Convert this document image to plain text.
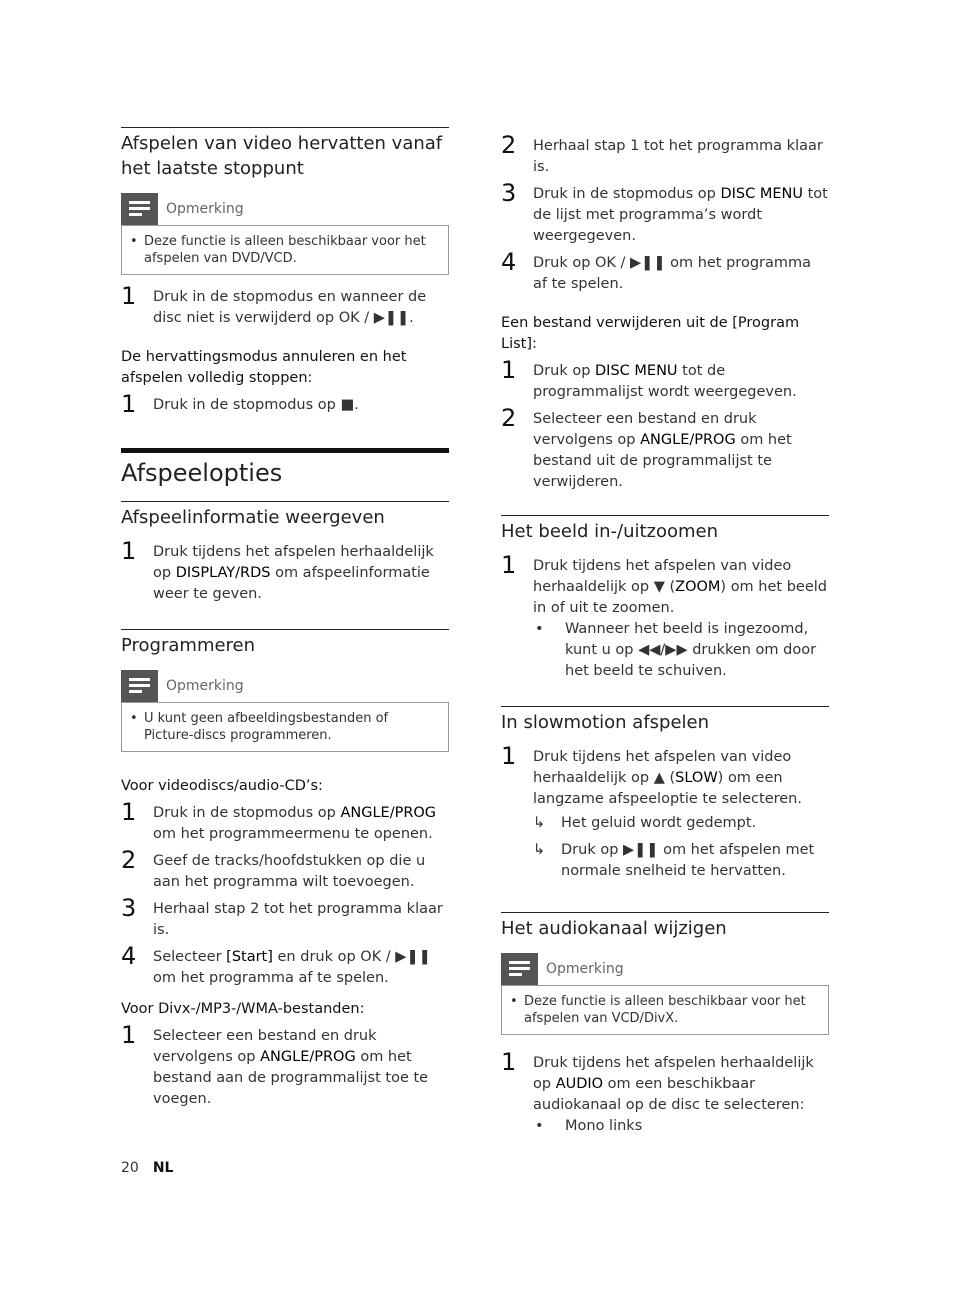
Afspelen van video hervatten vanaf het laatste stoppunt
Opmerking
• Deze functie is alleen beschikbaar voor het afspelen van DVD/VCD.
1 Druk in de stopmodus en wanneer de disc niet is verwijderd op OK / ▶❚❚.
De hervattingsmodus annuleren en het afspelen volledig stoppen:
1 Druk in de stopmodus op ■.
Afspeelopties
Afspeelinformatie weergeven
1 Druk tijdens het afspelen herhaaldelijk op DISPLAY/RDS om afspeelinformatie weer te geven.
Programmeren
Opmerking
• U kunt geen afbeeldingsbestanden of Picture-discs programmeren.
Voor videodiscs/audio-CD’s:
1 Druk in de stopmodus op ANGLE/PROG om het programmeermenu te openen.
2 Geef de tracks/hoofdstukken op die u aan het programma wilt toevoegen.
3 Herhaal stap 2 tot het programma klaar is.
4 Selecteer [Start] en druk op OK / ▶❚❚ om het programma af te spelen.
Voor Divx-/MP3-/WMA-bestanden:
1 Selecteer een bestand en druk vervolgens op ANGLE/PROG om het bestand aan de programmalijst toe te voegen.
2 Herhaal stap 1 tot het programma klaar is.
3 Druk in de stopmodus op DISC MENU tot de lijst met programma’s wordt weergegeven.
4 Druk op OK / ▶❚❚ om het programma af te spelen.
Een bestand verwijderen uit de [Program List]:
1 Druk op DISC MENU tot de programmalijst wordt weergegeven.
2 Selecteer een bestand en druk vervolgens op ANGLE/PROG om het bestand uit de programmalijst te verwijderen.
Het beeld in-/uitzoomen
1 Druk tijdens het afspelen van video herhaaldelijk op ▼ (ZOOM) om het beeld in of uit te zoomen.
• Wanneer het beeld is ingezoomd, kunt u op ◀◀/▶▶ drukken om door het beeld te schuiven.
In slowmotion afspelen
1 Druk tijdens het afspelen van video herhaaldelijk op ▲ (SLOW) om een langzame afspeeloptie te selecteren.
↳ Het geluid wordt gedempt.
↳ Druk op ▶❚❚ om het afspelen met normale snelheid te hervatten.
Het audiokanaal wijzigen
Opmerking
• Deze functie is alleen beschikbaar voor het afspelen van VCD/DivX.
1 Druk tijdens het afspelen herhaaldelijk op AUDIO om een beschikbaar audiokanaal op de disc te selecteren:
• Mono links
20 NL
